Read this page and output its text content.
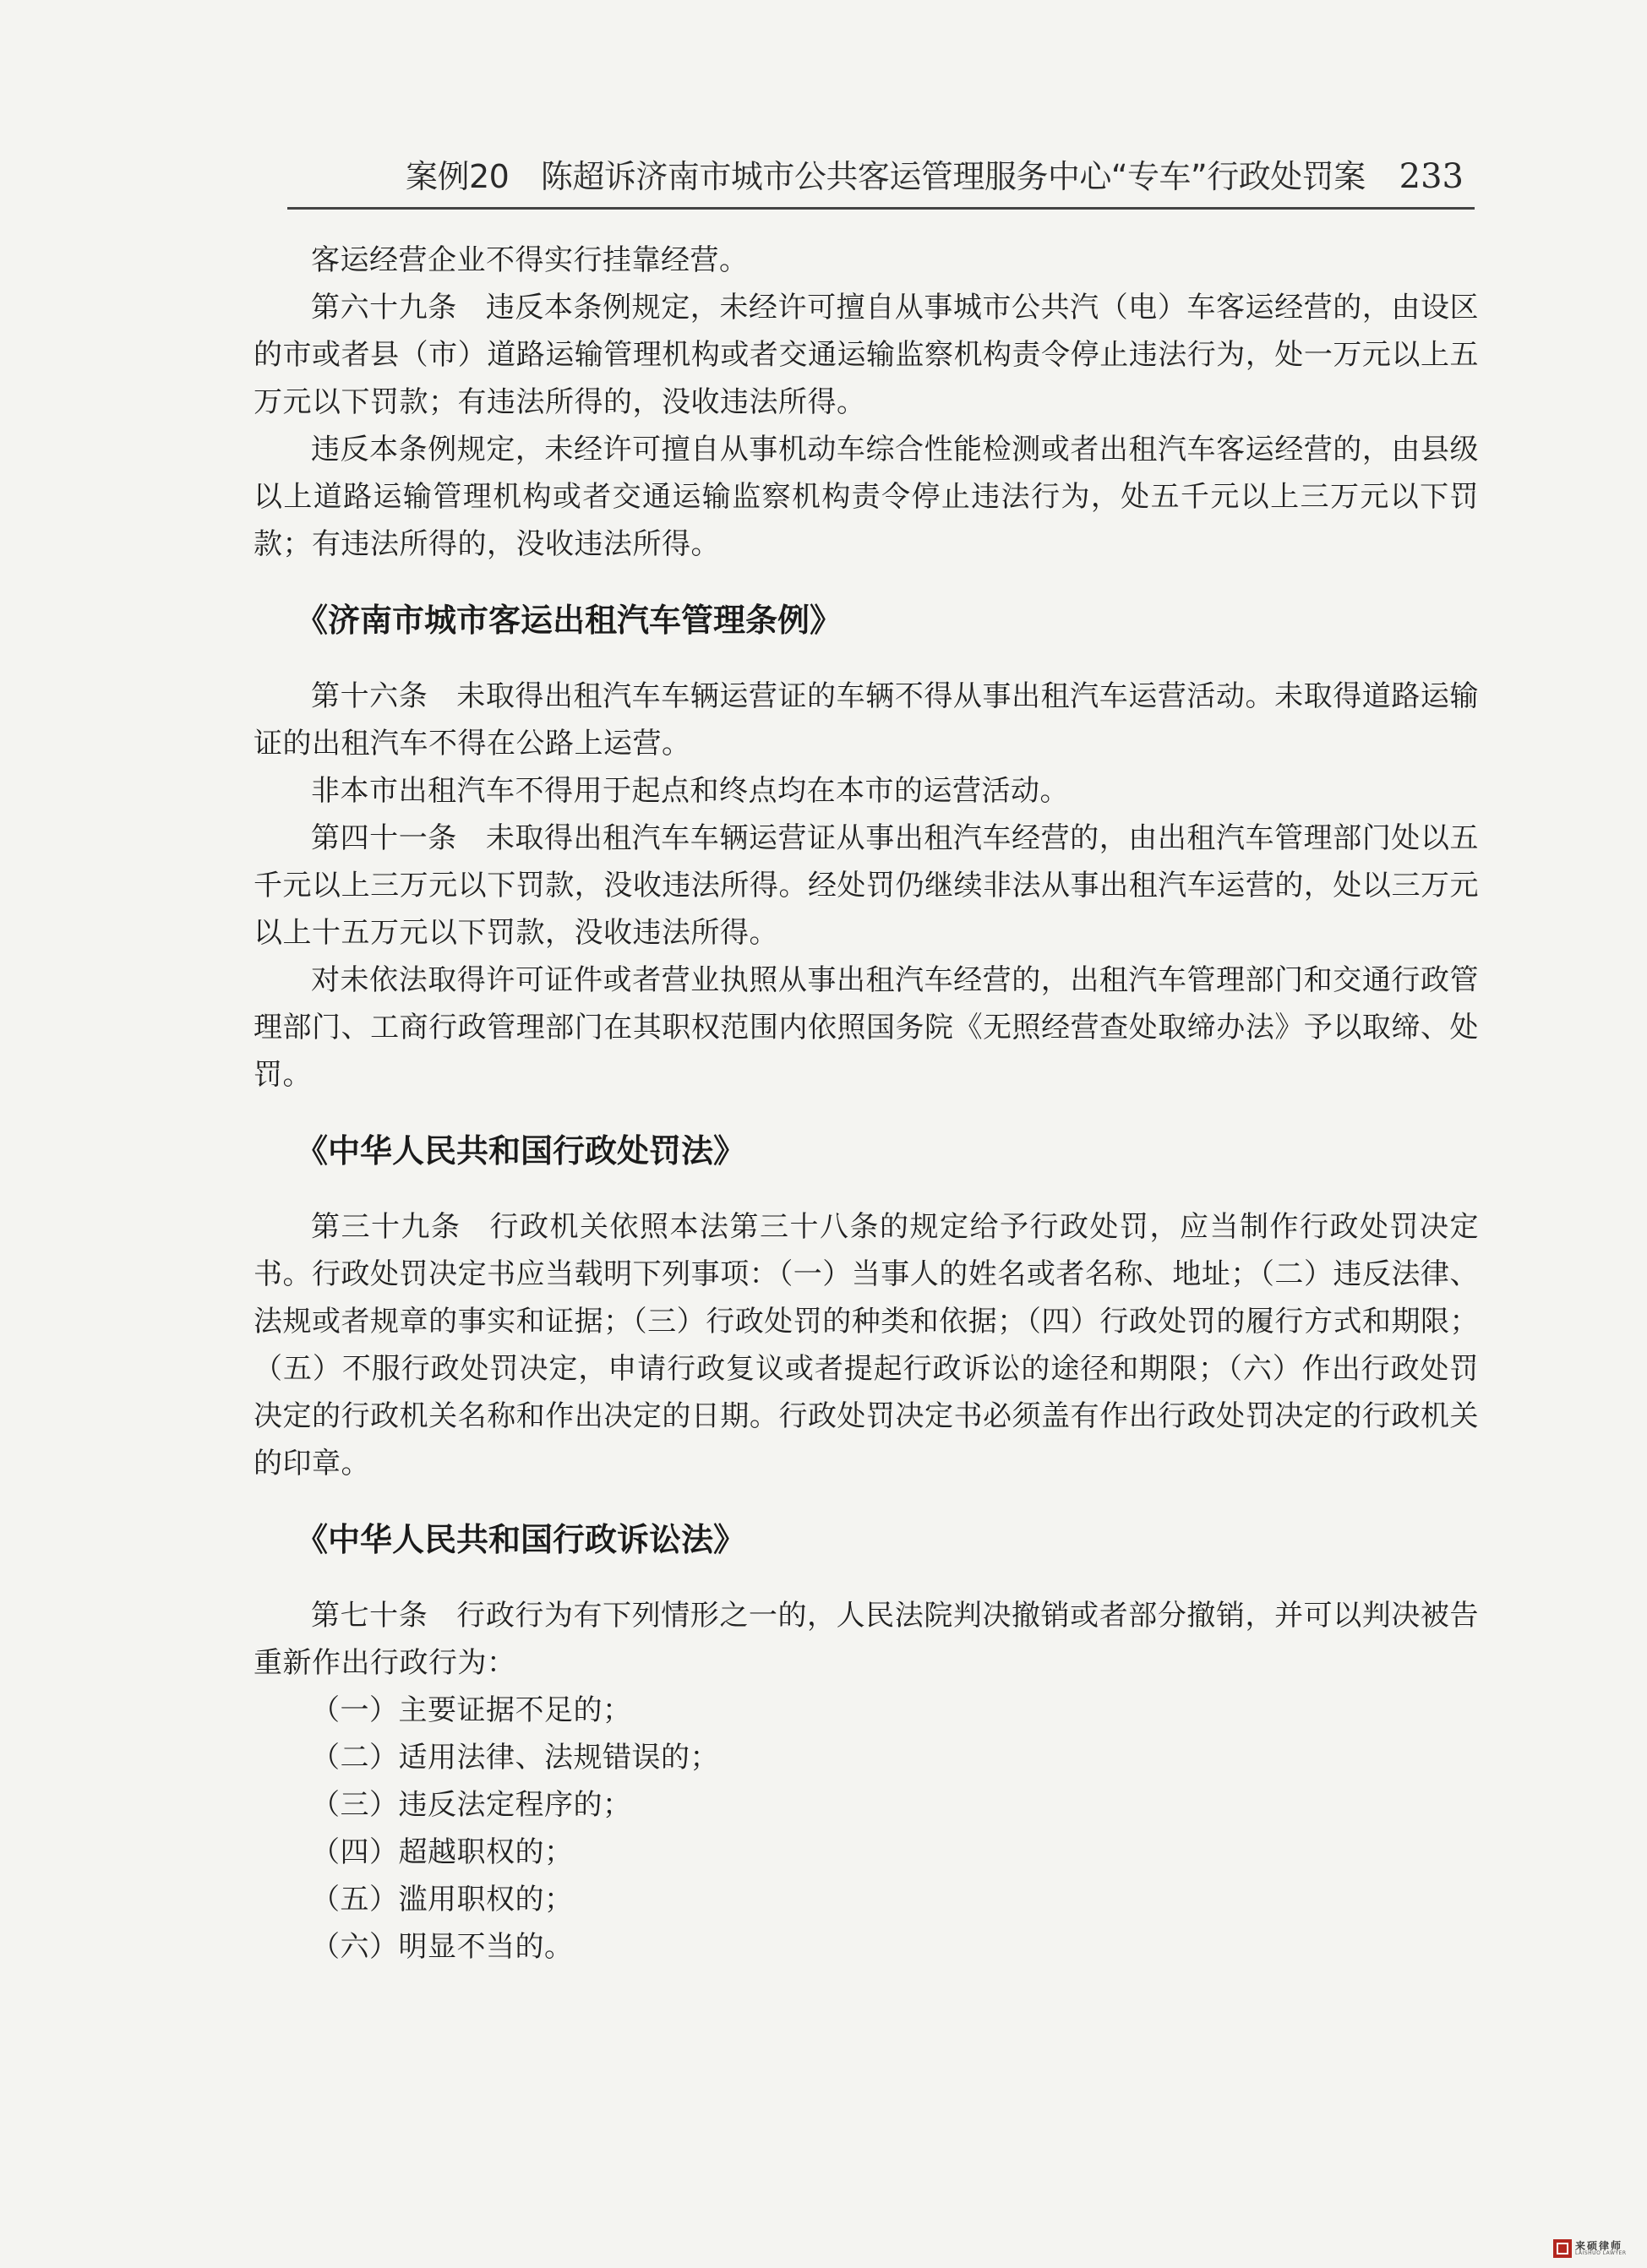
案例20　陈超诉济南市城市公共客运管理服务中心“专车”行政处罚案 233

客运经营企业不得实行挂靠经营。

第六十九条 违反本条例规定，未经许可擅自从事城市公共汽（电）车客运经营的，由设区的市或者县（市）道路运输管理机构或者交通运输监察机构责令停止违法行为，处一万元以上五万元以下罚款；有违法所得的，没收违法所得。

违反本条例规定，未经许可擅自从事机动车综合性能检测或者出租汽车客运经营的，由县级以上道路运输管理机构或者交通运输监察机构责令停止违法行为，处五千元以上三万元以下罚款；有违法所得的，没收违法所得。

《济南市城市客运出租汽车管理条例》

第十六条 未取得出租汽车车辆运营证的车辆不得从事出租汽车运营活动。未取得道路运输证的出租汽车不得在公路上运营。

非本市出租汽车不得用于起点和终点均在本市的运营活动。

第四十一条 未取得出租汽车车辆运营证从事出租汽车经营的，由出租汽车管理部门处以五千元以上三万元以下罚款，没收违法所得。经处罚仍继续非法从事出租汽车运营的，处以三万元以上十五万元以下罚款，没收违法所得。

对未依法取得许可证件或者营业执照从事出租汽车经营的，出租汽车管理部门和交通行政管理部门、工商行政管理部门在其职权范围内依照国务院《无照经营查处取缔办法》予以取缔、处罚。

《中华人民共和国行政处罚法》

第三十九条 行政机关依照本法第三十八条的规定给予行政处罚，应当制作行政处罚决定书。行政处罚决定书应当载明下列事项：（一）当事人的姓名或者名称、地址；（二）违反法律、法规或者规章的事实和证据；（三）行政处罚的种类和依据；（四）行政处罚的履行方式和期限；（五）不服行政处罚决定，申请行政复议或者提起行政诉讼的途径和期限；（六）作出行政处罚决定的行政机关名称和作出决定的日期。行政处罚决定书必须盖有作出行政处罚决定的行政机关的印章。

《中华人民共和国行政诉讼法》

第七十条 行政行为有下列情形之一的，人民法院判决撤销或者部分撤销，并可以判决被告重新作出行政行为：

（一）主要证据不足的；

（二）适用法律、法规错误的；

（三）违反法定程序的；

（四）超越职权的；

（五）滥用职权的；

（六）明显不当的。

来硕律师
LAISHUO LAWYER
